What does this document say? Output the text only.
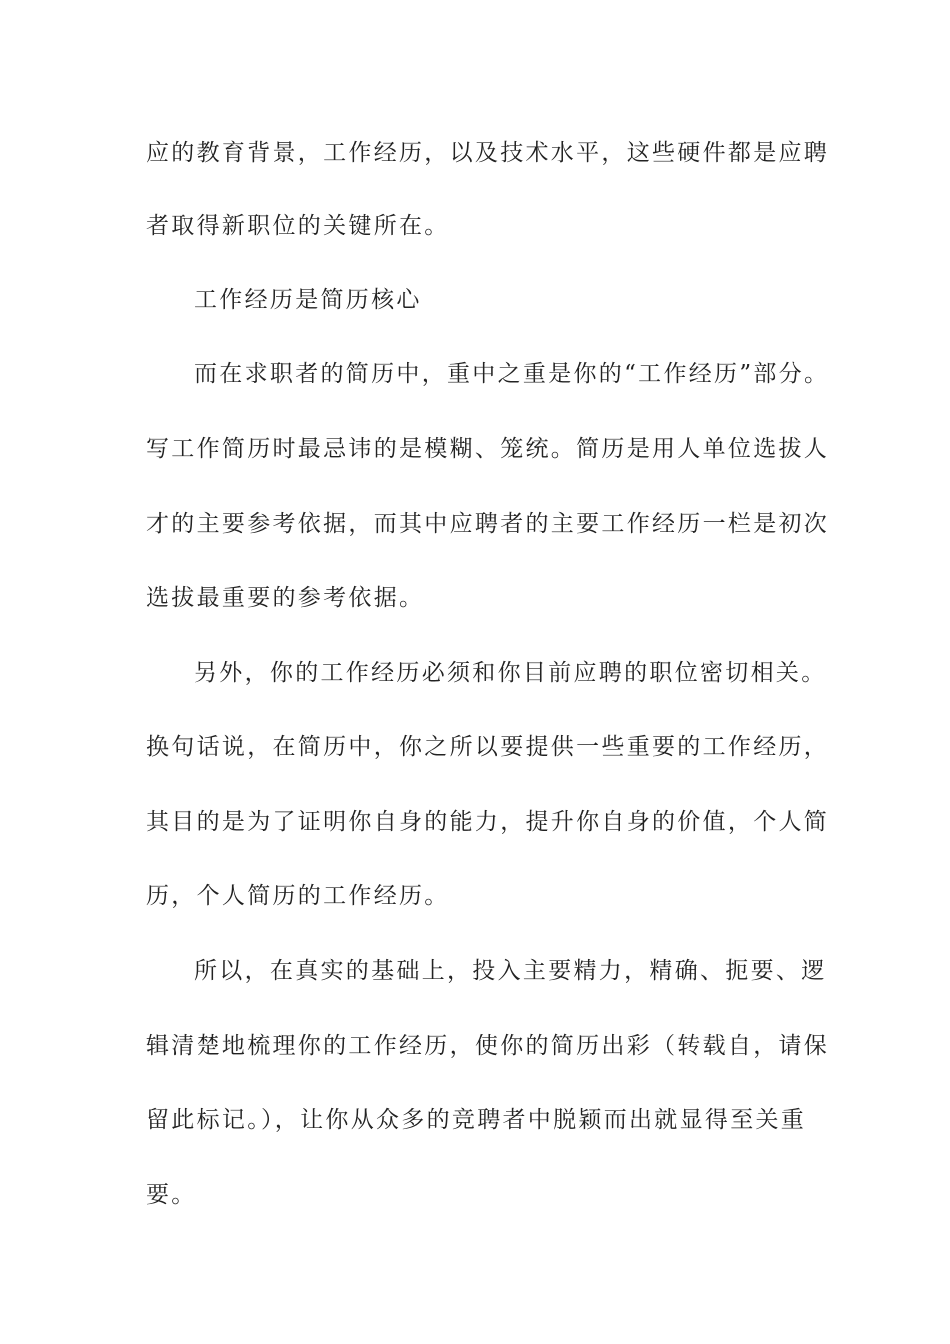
应的教育背景，工作经历，以及技术水平，这些硬件都是应聘
者取得新职位的关键所在。
工作经历是简历核心
而在求职者的简历中，重中之重是你的“工作经历”部分。
写工作简历时最忌讳的是模糊、笼统。简历是用人单位选拔人
才的主要参考依据，而其中应聘者的主要工作经历一栏是初次
选拔最重要的参考依据。
另外，你的工作经历必须和你目前应聘的职位密切相关。
换句话说，在简历中，你之所以要提供一些重要的工作经历，
其目的是为了证明你自身的能力，提升你自身的价值，个人简
历，个人简历的工作经历。
所以，在真实的基础上，投入主要精力，精确、扼要、逻
辑清楚地梳理你的工作经历，使你的简历出彩（转载自，请保
留此标记。），让你从众多的竞聘者中脱颖而出就显得至关重
要。
